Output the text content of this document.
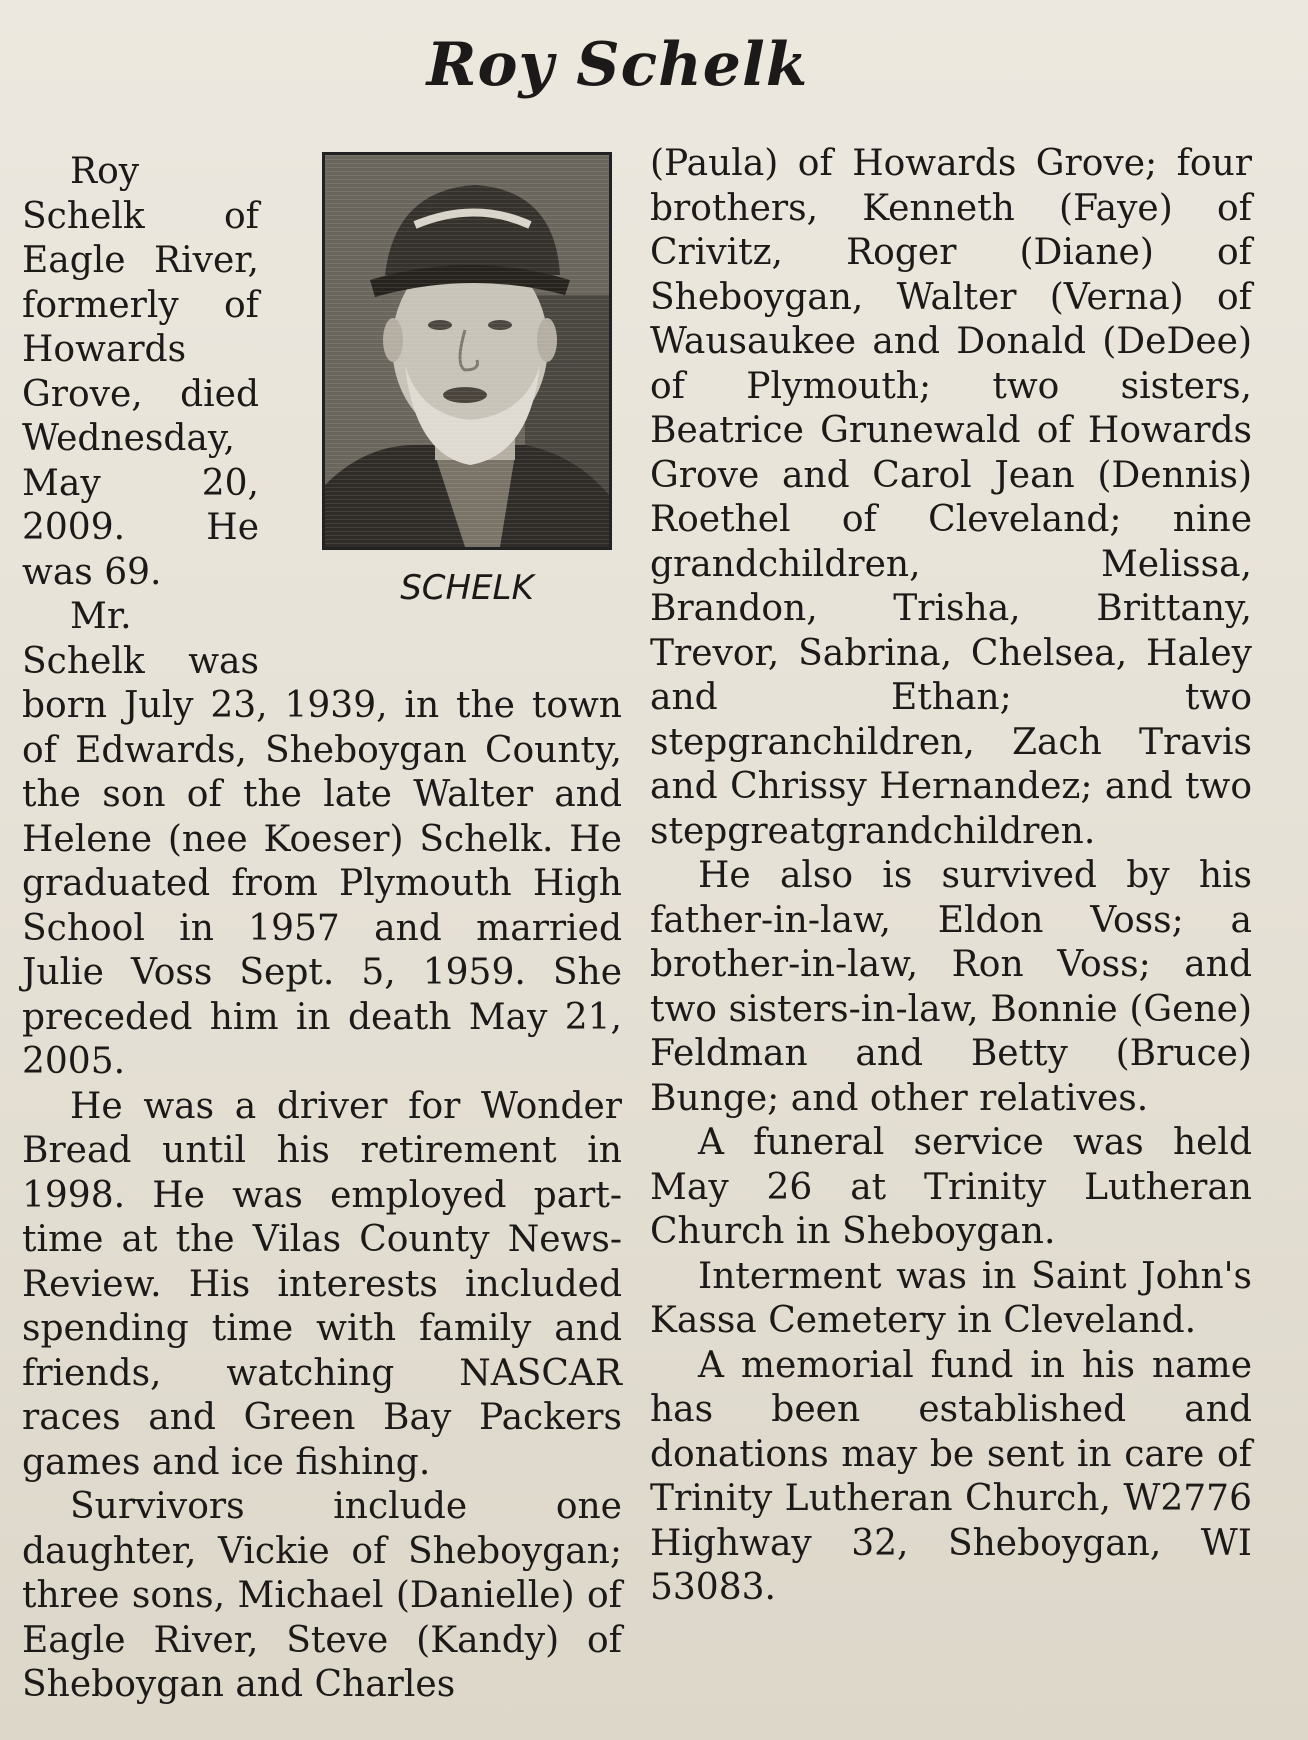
Roy Schelk
SCHELK

Roy Schelk of Eagle River, formerly of Howards Grove, died Wednesday, May 20, 2009. He was 69.

Mr. Schelk was born July 23, 1939, in the town of Edwards, Sheboygan County, the son of the late Walter and Helene (nee Koeser) Schelk. He graduated from Plymouth High School in 1957 and married Julie Voss Sept. 5, 1959. She preceded him in death May 21, 2005.

He was a driver for Wonder Bread until his retirement in 1998. He was employed part-time at the Vilas County News-Review. His interests included spending time with family and friends, watching NASCAR races and Green Bay Packers games and ice fishing.

Survivors include one daughter, Vickie of Sheboygan; three sons, Michael (Danielle) of Eagle River, Steve (Kandy) of Sheboygan and Charles

(Paula) of Howards Grove; four brothers, Kenneth (Faye) of Crivitz, Roger (Diane) of Sheboygan, Walter (Verna) of Wausaukee and Donald (DeDee) of Plymouth; two sisters, Beatrice Grunewald of Howards Grove and Carol Jean (Dennis) Roethel of Cleveland; nine grandchildren, Melissa, Brandon, Trisha, Brittany, Trevor, Sabrina, Chelsea, Haley and Ethan; two stepgranchildren, Zach Travis and Chrissy Hernandez; and two stepgreatgrandchildren.

He also is survived by his father-in-law, Eldon Voss; a brother-in-law, Ron Voss; and two sisters-in-law, Bonnie (Gene) Feldman and Betty (Bruce) Bunge; and other relatives.

A funeral service was held May 26 at Trinity Lutheran Church in Sheboygan.

Interment was in Saint John's Kassa Cemetery in Cleveland.

A memorial fund in his name has been established and donations may be sent in care of Trinity Lutheran Church, W2776 Highway 32, Sheboygan, WI 53083.
